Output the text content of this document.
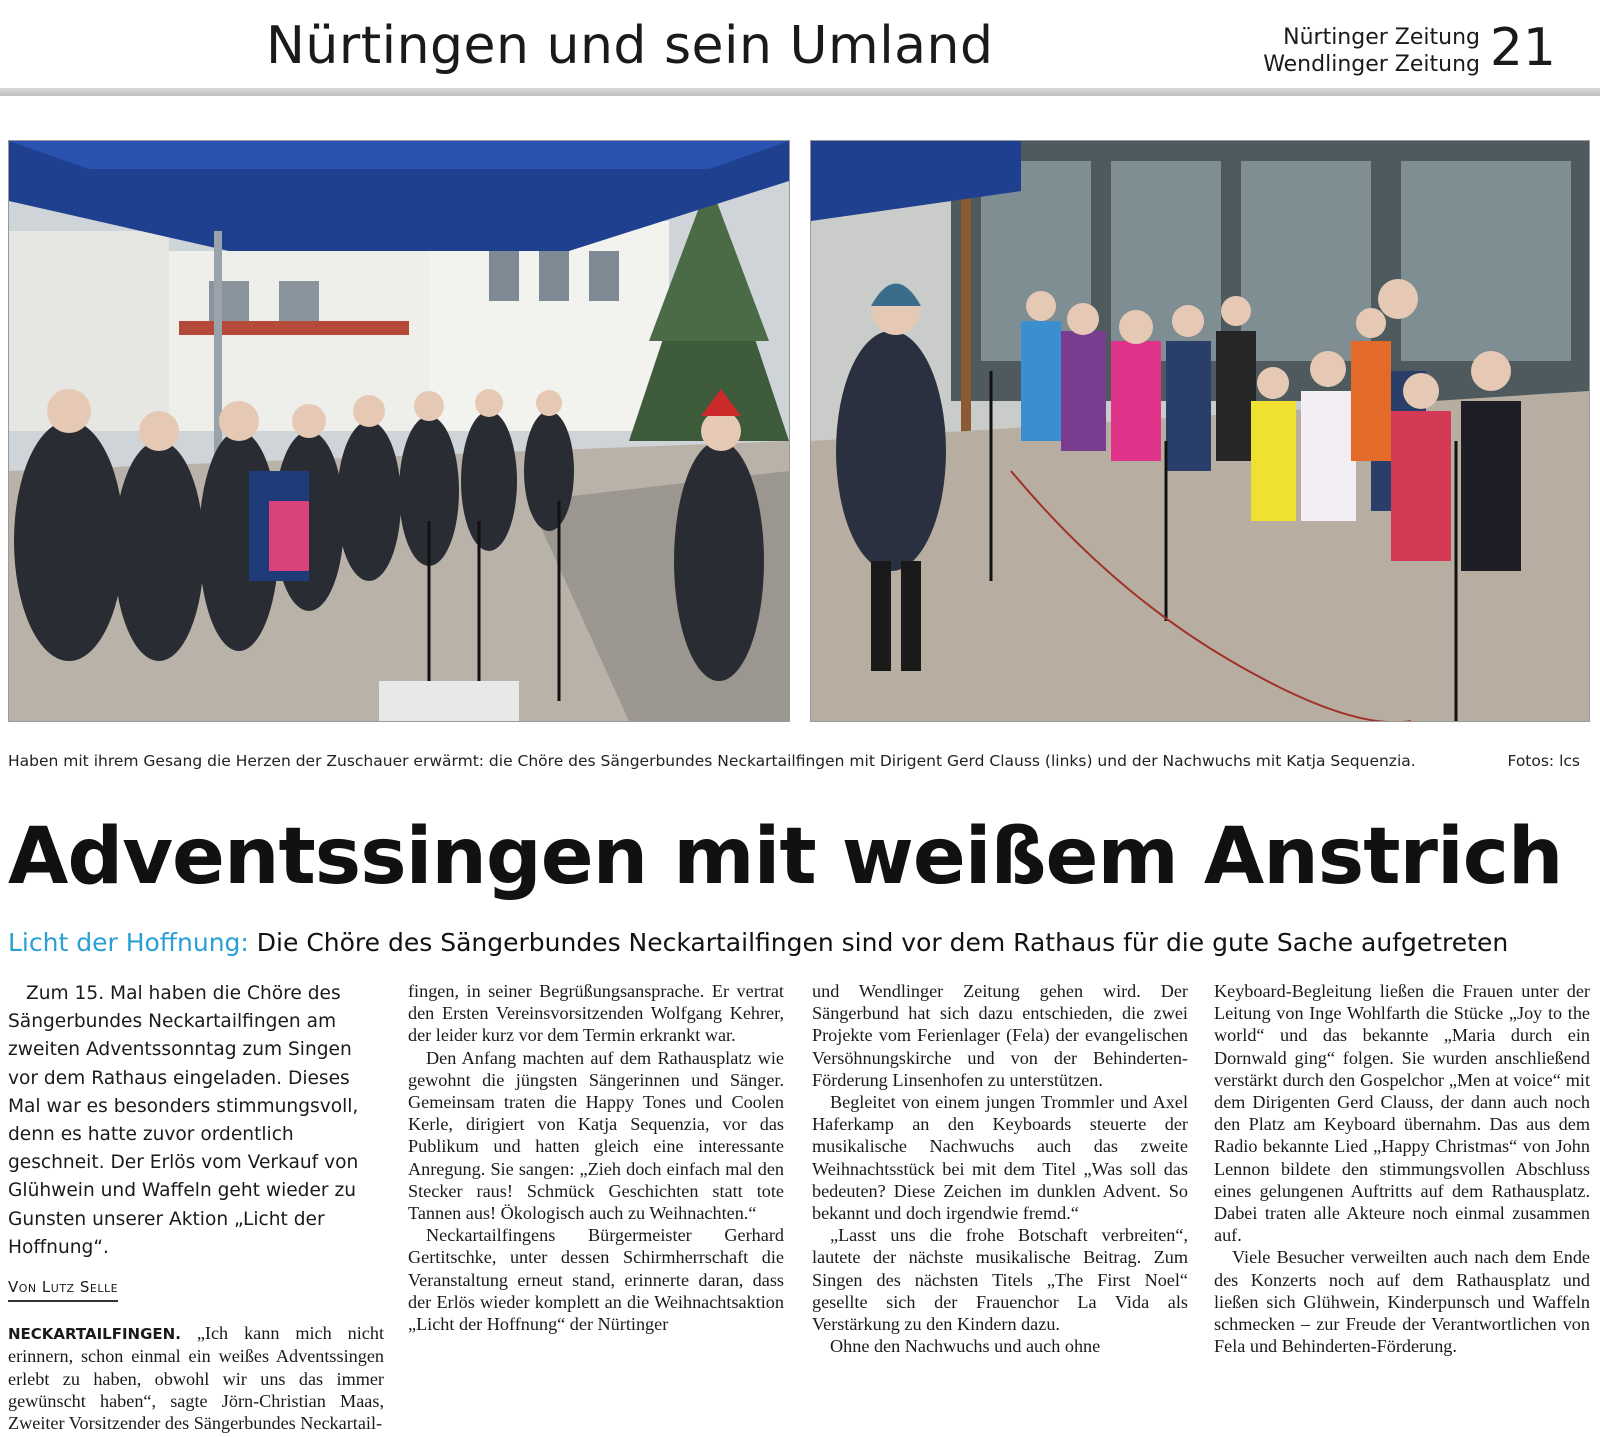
Nürtingen und sein Umland	Nürtinger Zeitung
Wendlinger Zeitung 21
Haben mit ihrem Gesang die Herzen der Zuschauer erwärmt: die Chöre des Sängerbundes Neckartailfingen mit Dirigent Gerd Clauss (links) und der Nachwuchs mit Katja Sequenzia.	Fotos: lcs
Adventssingen mit weißem Anstrich
Licht der Hoffnung: Die Chöre des Sängerbundes Neckartailfingen sind vor dem Rathaus für die gute Sache aufgetreten

Zum 15. Mal haben die Chöre des Sängerbundes Neckartailfingen am zweiten Adventssonntag zum Singen vor dem Rathaus eingeladen. Dieses Mal war es besonders stimmungsvoll, denn es hatte zuvor ordentlich geschneit. Der Erlös vom Verkauf von Glühwein und Waffeln geht wieder zu Gunsten unserer Aktion „Licht der Hoffnung“.

Von Lutz Selle

NECKARTAILFINGEN. „Ich kann mich nicht erinnern, schon einmal ein weißes Adventssingen erlebt zu haben, obwohl wir uns das immer gewünscht haben“, sagte Jörn-Christian Maas, Zweiter Vorsitzender des Sängerbundes Neckartail-

fingen, in seiner Begrüßungsansprache. Er vertrat den Ersten Vereinsvorsitzenden Wolfgang Kehrer, der leider kurz vor dem Termin erkrankt war.

Den Anfang machten auf dem Rathausplatz wie gewohnt die jüngsten Sängerinnen und Sänger. Gemeinsam traten die Happy Tones und Coolen Kerle, dirigiert von Katja Sequenzia, vor das Publikum und hatten gleich eine interessante Anregung. Sie sangen: „Zieh doch einfach mal den Stecker raus! Schmück Geschichten statt tote Tannen aus! Ökologisch auch zu Weihnachten.“

Neckartailfingens Bürgermeister Gerhard Gertitschke, unter dessen Schirmherrschaft die Veranstaltung erneut stand, erinnerte daran, dass der Erlös wieder komplett an die Weihnachtsaktion „Licht der Hoffnung“ der Nürtinger

und Wendlinger Zeitung gehen wird. Der Sängerbund hat sich dazu entschieden, die zwei Projekte vom Ferienlager (Fela) der evangelischen Versöhnungskirche und von der Behinderten-Förderung Linsenhofen zu unterstützen.

Begleitet von einem jungen Trommler und Axel Haferkamp an den Keyboards steuerte der musikalische Nachwuchs auch das zweite Weihnachtsstück bei mit dem Titel „Was soll das bedeuten? Diese Zeichen im dunklen Advent. So bekannt und doch irgendwie fremd.“

„Lasst uns die frohe Botschaft verbreiten“, lautete der nächste musikalische Beitrag. Zum Singen des nächsten Titels „The First Noel“ gesellte sich der Frauenchor La Vida als Verstärkung zu den Kindern dazu.

Ohne den Nachwuchs und auch ohne

Keyboard-Begleitung ließen die Frauen unter der Leitung von Inge Wohlfarth die Stücke „Joy to the world“ und das bekannte „Maria durch ein Dornwald ging“ folgen. Sie wurden anschließend verstärkt durch den Gospelchor „Men at voice“ mit dem Dirigenten Gerd Clauss, der dann auch noch den Platz am Keyboard übernahm. Das aus dem Radio bekannte Lied „Happy Christmas“ von John Lennon bildete den stimmungsvollen Abschluss eines gelungenen Auftritts auf dem Rathausplatz. Dabei traten alle Akteure noch einmal zusammen auf.

Viele Besucher verweilten auch nach dem Ende des Konzerts noch auf dem Rathausplatz und ließen sich Glühwein, Kinderpunsch und Waffeln schmecken – zur Freude der Verantwortlichen von Fela und Behinderten-Förderung.
